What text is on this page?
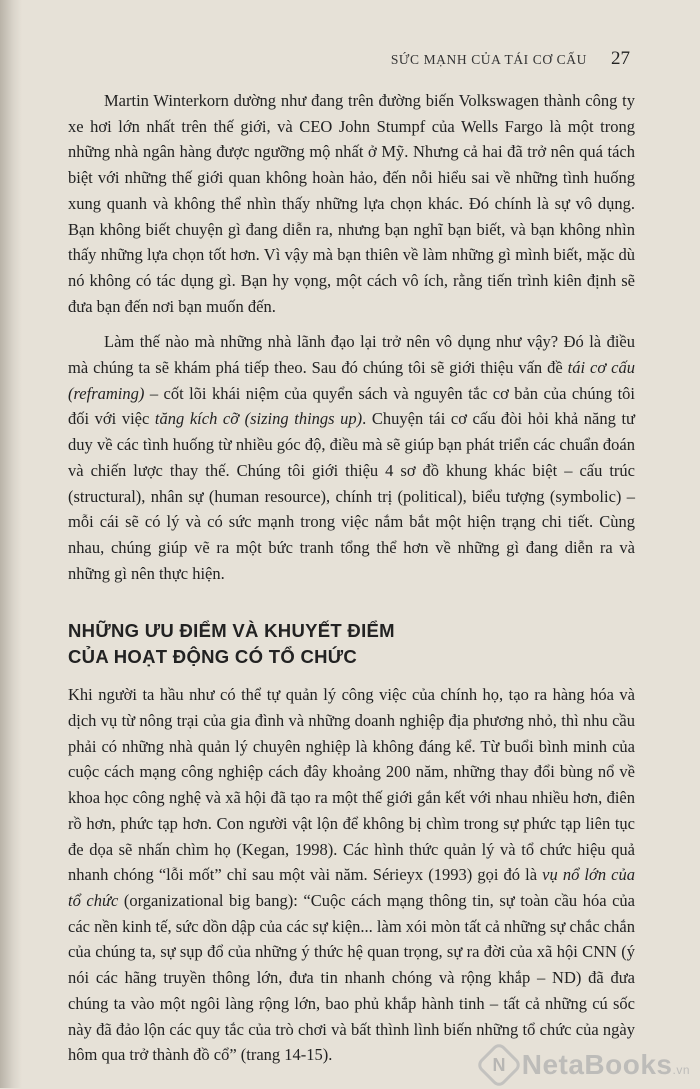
SỨC MẠNH CỦA TÁI CƠ CẤU 27

Martin Winterkorn dường như đang trên đường biến Volkswagen thành công ty xe hơi lớn nhất trên thế giới, và CEO John Stumpf của Wells Fargo là một trong những nhà ngân hàng được ngưỡng mộ nhất ở Mỹ. Nhưng cả hai đã trở nên quá tách biệt với những thế giới quan không hoàn hảo, đến nỗi hiểu sai về những tình huống xung quanh và không thể nhìn thấy những lựa chọn khác. Đó chính là sự vô dụng. Bạn không biết chuyện gì đang diễn ra, nhưng bạn nghĩ bạn biết, và bạn không nhìn thấy những lựa chọn tốt hơn. Vì vậy mà bạn thiên về làm những gì mình biết, mặc dù nó không có tác dụng gì. Bạn hy vọng, một cách vô ích, rằng tiến trình kiên định sẽ đưa bạn đến nơi bạn muốn đến.

Làm thế nào mà những nhà lãnh đạo lại trở nên vô dụng như vậy? Đó là điều mà chúng ta sẽ khám phá tiếp theo. Sau đó chúng tôi sẽ giới thiệu vấn đề tái cơ cấu (reframing) – cốt lõi khái niệm của quyển sách và nguyên tắc cơ bản của chúng tôi đối với việc tăng kích cỡ (sizing things up). Chuyện tái cơ cấu đòi hỏi khả năng tư duy về các tình huống từ nhiều góc độ, điều mà sẽ giúp bạn phát triển các chuẩn đoán và chiến lược thay thế. Chúng tôi giới thiệu 4 sơ đồ khung khác biệt – cấu trúc (structural), nhân sự (human resource), chính trị (political), biểu tượng (symbolic) – mỗi cái sẽ có lý và có sức mạnh trong việc nắm bắt một hiện trạng chi tiết. Cùng nhau, chúng giúp vẽ ra một bức tranh tổng thể hơn về những gì đang diễn ra và những gì nên thực hiện.

NHỮNG ƯU ĐIỂM VÀ KHUYẾT ĐIỂM
CỦA HOẠT ĐỘNG CÓ TỔ CHỨC

Khi người ta hầu như có thể tự quản lý công việc của chính họ, tạo ra hàng hóa và dịch vụ từ nông trại của gia đình và những doanh nghiệp địa phương nhỏ, thì nhu cầu phải có những nhà quản lý chuyên nghiệp là không đáng kể. Từ buổi bình minh của cuộc cách mạng công nghiệp cách đây khoảng 200 năm, những thay đổi bùng nổ về khoa học công nghệ và xã hội đã tạo ra một thế giới gắn kết với nhau nhiều hơn, điên rồ hơn, phức tạp hơn. Con người vật lộn để không bị chìm trong sự phức tạp liên tục đe dọa sẽ nhấn chìm họ (Kegan, 1998). Các hình thức quản lý và tổ chức hiệu quả nhanh chóng “lỗi mốt” chỉ sau một vài năm. Sérieyx (1993) gọi đó là vụ nổ lớn của tổ chức (organizational big bang): “Cuộc cách mạng thông tin, sự toàn cầu hóa của các nền kinh tế, sức dồn dập của các sự kiện... làm xói mòn tất cả những sự chắc chắn của chúng ta, sự sụp đổ của những ý thức hệ quan trọng, sự ra đời của xã hội CNN (ý nói các hãng truyền thông lớn, đưa tin nhanh chóng và rộng khắp – ND) đã đưa chúng ta vào một ngôi làng rộng lớn, bao phủ khắp hành tinh – tất cả những cú sốc này đã đảo lộn các quy tắc của trò chơi và bất thình lình biến những tổ chức của ngày hôm qua trở thành đồ cổ” (trang 14-15).	N NetaBooks.vn
